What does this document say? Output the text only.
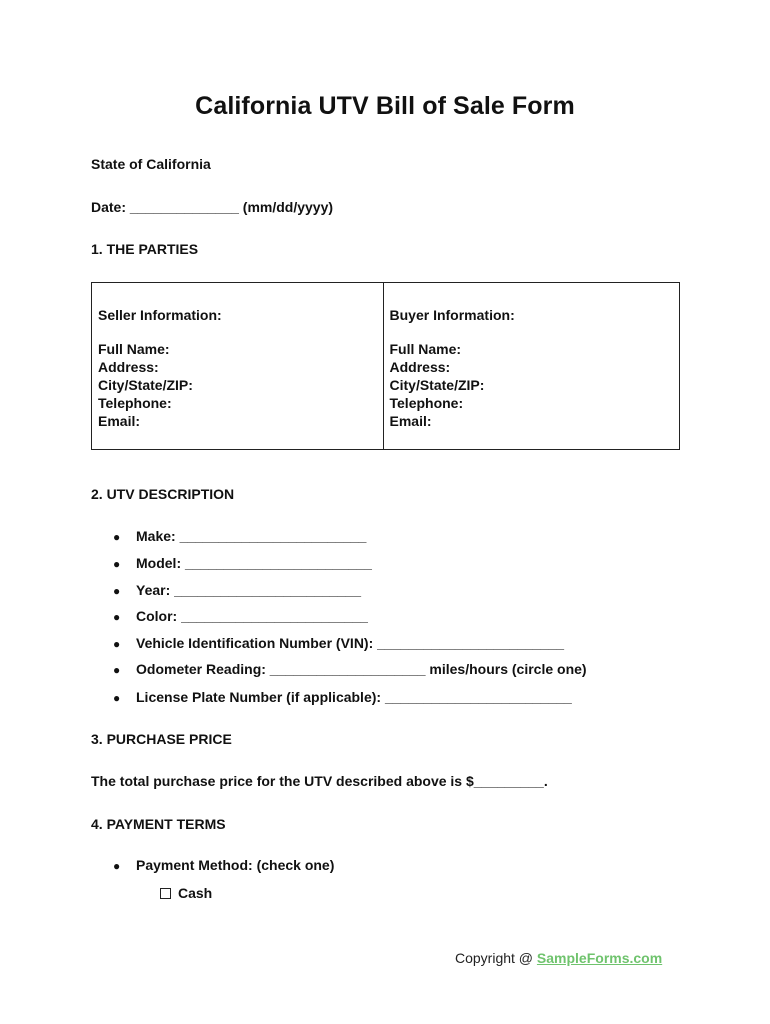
California UTV Bill of Sale Form
State of California
Date: ______________ (mm/dd/yyyy)
1. THE PARTIES
Seller Information:
Full Name:
Address:
City/State/ZIP:
Telephone:
Email:
Buyer Information:
Full Name:
Address:
City/State/ZIP:
Telephone:
Email:
2. UTV DESCRIPTION
● Make: ________________________
● Model: ________________________
● Year: ________________________
● Color: ________________________
● Vehicle Identification Number (VIN): ________________________
● Odometer Reading: ____________________ miles/hours (circle one)
● License Plate Number (if applicable): ________________________
3. PURCHASE PRICE
The total purchase price for the UTV described above is $_________.
4. PAYMENT TERMS
● Payment Method: (check one)
Cash
Copyright @ SampleForms.com
